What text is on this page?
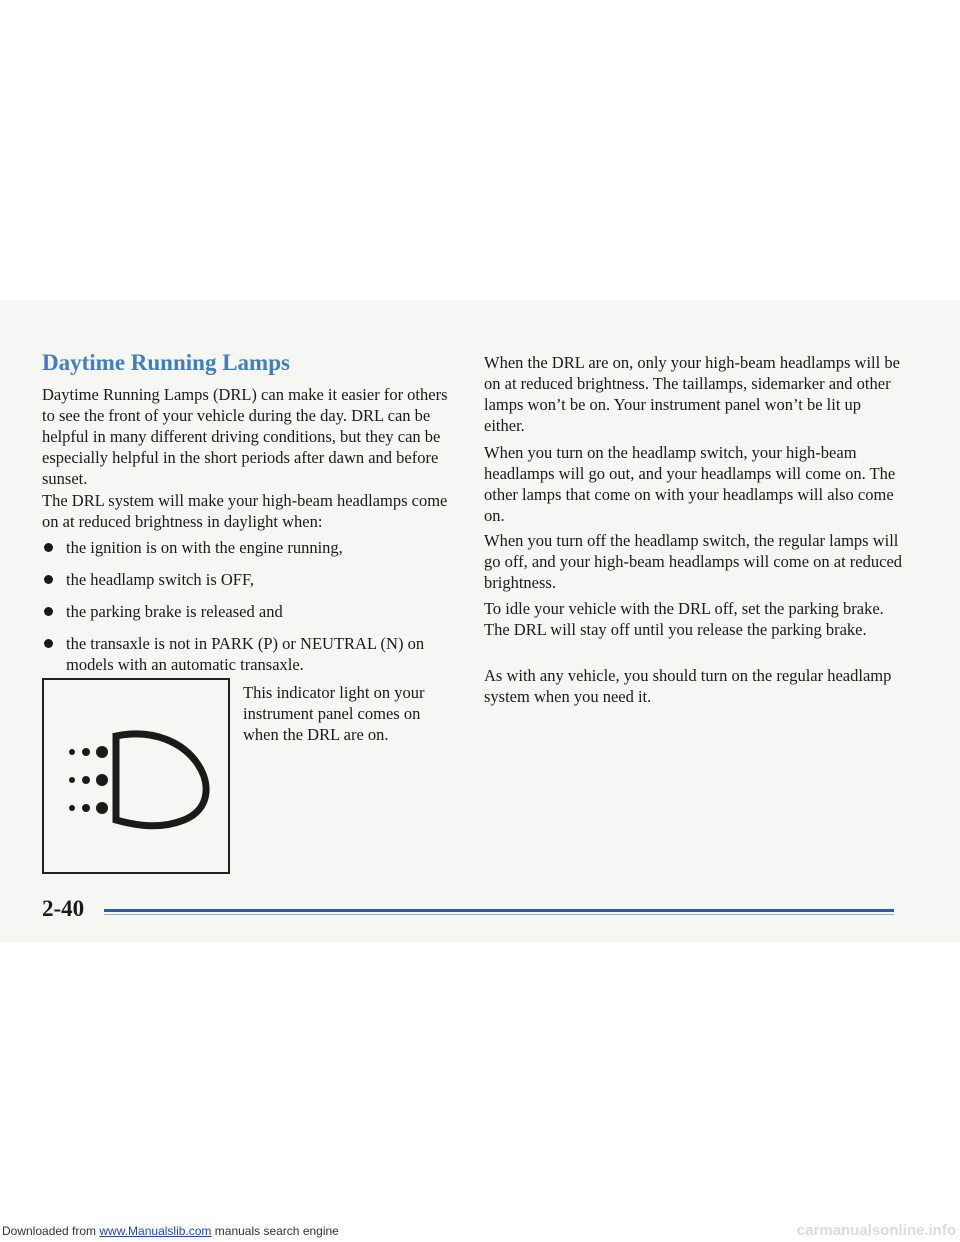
Daytime Running Lamps

Daytime Running Lamps (DRL) can make it easier for others to see the front of your vehicle during the day. DRL can be helpful in many different driving conditions, but they can be especially helpful in the short periods after dawn and before sunset.

The DRL system will make your high-beam headlamps come on at reduced brightness in daylight when:

the ignition is on with the engine running,
the headlamp switch is OFF,
the parking brake is released and
the transaxle is not in PARK (P) or NEUTRAL (N) on models with an automatic transaxle.

This indicator light on your instrument panel comes on when the DRL are on.

When the DRL are on, only your high-beam headlamps will be on at reduced brightness. The taillamps, sidemarker and other lamps won’t be on. Your instrument panel won’t be lit up either.

When you turn on the headlamp switch, your high-beam headlamps will go out, and your headlamps will come on. The other lamps that come on with your headlamps will also come on.

When you turn off the headlamp switch, the regular lamps will go off, and your high-beam headlamps will come on at reduced brightness.

To idle your vehicle with the DRL off, set the parking brake. The DRL will stay off until you release the parking brake.

As with any vehicle, you should turn on the regular headlamp system when you need it.

2-40
Downloaded from www.Manualslib.com manuals search engine	carmanualsonline.info
